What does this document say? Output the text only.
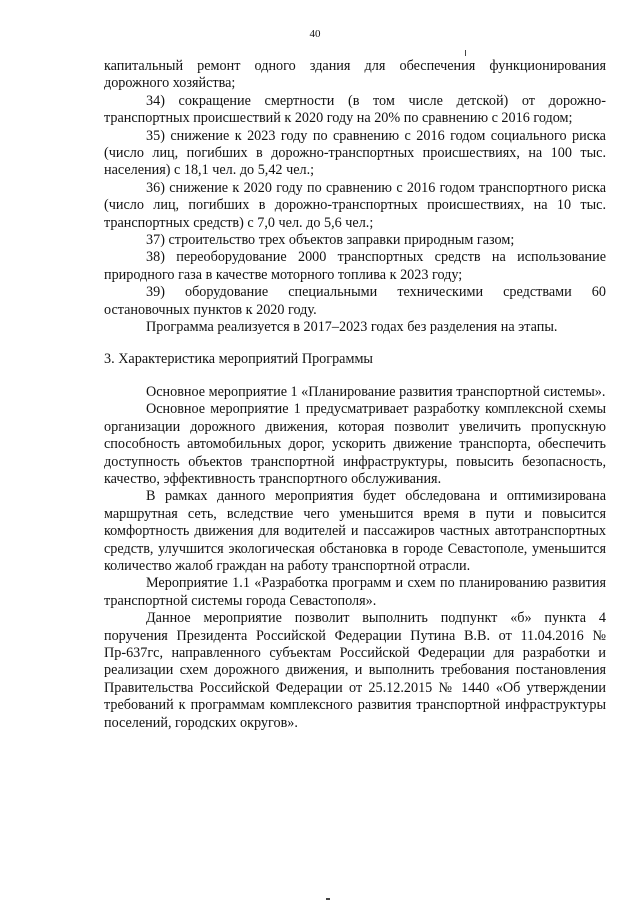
40

капитальный ремонт одного здания для обеспечения функционирования дорожного хозяйства;

34) сокращение смертности (в том числе детской) от дорожно-транспортных происшествий к 2020 году на 20% по сравнению с 2016 годом;

35) снижение к 2023 году по сравнению с 2016 годом социального риска (число лиц, погибших в дорожно-транспортных происшествиях, на 100 тыс. населения) с 18,1 чел. до 5,42 чел.;

36) снижение к 2020 году по сравнению с 2016 годом транспортного риска (число лиц, погибших в дорожно-транспортных происшествиях, на 10 тыс. транспортных средств) с 7,0 чел. до 5,6 чел.;

37) строительство трех объектов заправки природным газом;

38) переоборудование 2000 транспортных средств на использование природного газа в качестве моторного топлива к 2023 году;

39) оборудование специальными техническими средствами 60 остановочных пунктов к 2020 году.

Программа реализуется в 2017–2023 годах без разделения на этапы.

3. Характеристика мероприятий Программы

Основное мероприятие 1 «Планирование развития транспортной системы».

Основное мероприятие 1 предусматривает разработку комплексной схемы организации дорожного движения, которая позволит увеличить пропускную способность автомобильных дорог, ускорить движение транспорта, обеспечить доступность объектов транспортной инфраструктуры, повысить безопасность, качество, эффективность транспортного обслуживания.

В рамках данного мероприятия будет обследована и оптимизирована маршрутная сеть, вследствие чего уменьшится время в пути и повысится комфортность движения для водителей и пассажиров частных автотранспортных средств, улучшится экологическая обстановка в городе Севастополе, уменьшится количество жалоб граждан на работу транспортной отрасли.

Мероприятие 1.1 «Разработка программ и схем по планированию развития транспортной системы города Севастополя».

Данное мероприятие позволит выполнить подпункт «б» пункта 4 поручения Президента Российской Федерации Путина В.В. от 11.04.2016 № Пр-637гс, направленного субъектам Российской Федерации для разработки и реализации схем дорожного движения, и выполнить требования постановления Правительства Российской Федерации от 25.12.2015 № 1440 «Об утверждении требований к программам комплексного развития транспортной инфраструктуры поселений, городских округов».
